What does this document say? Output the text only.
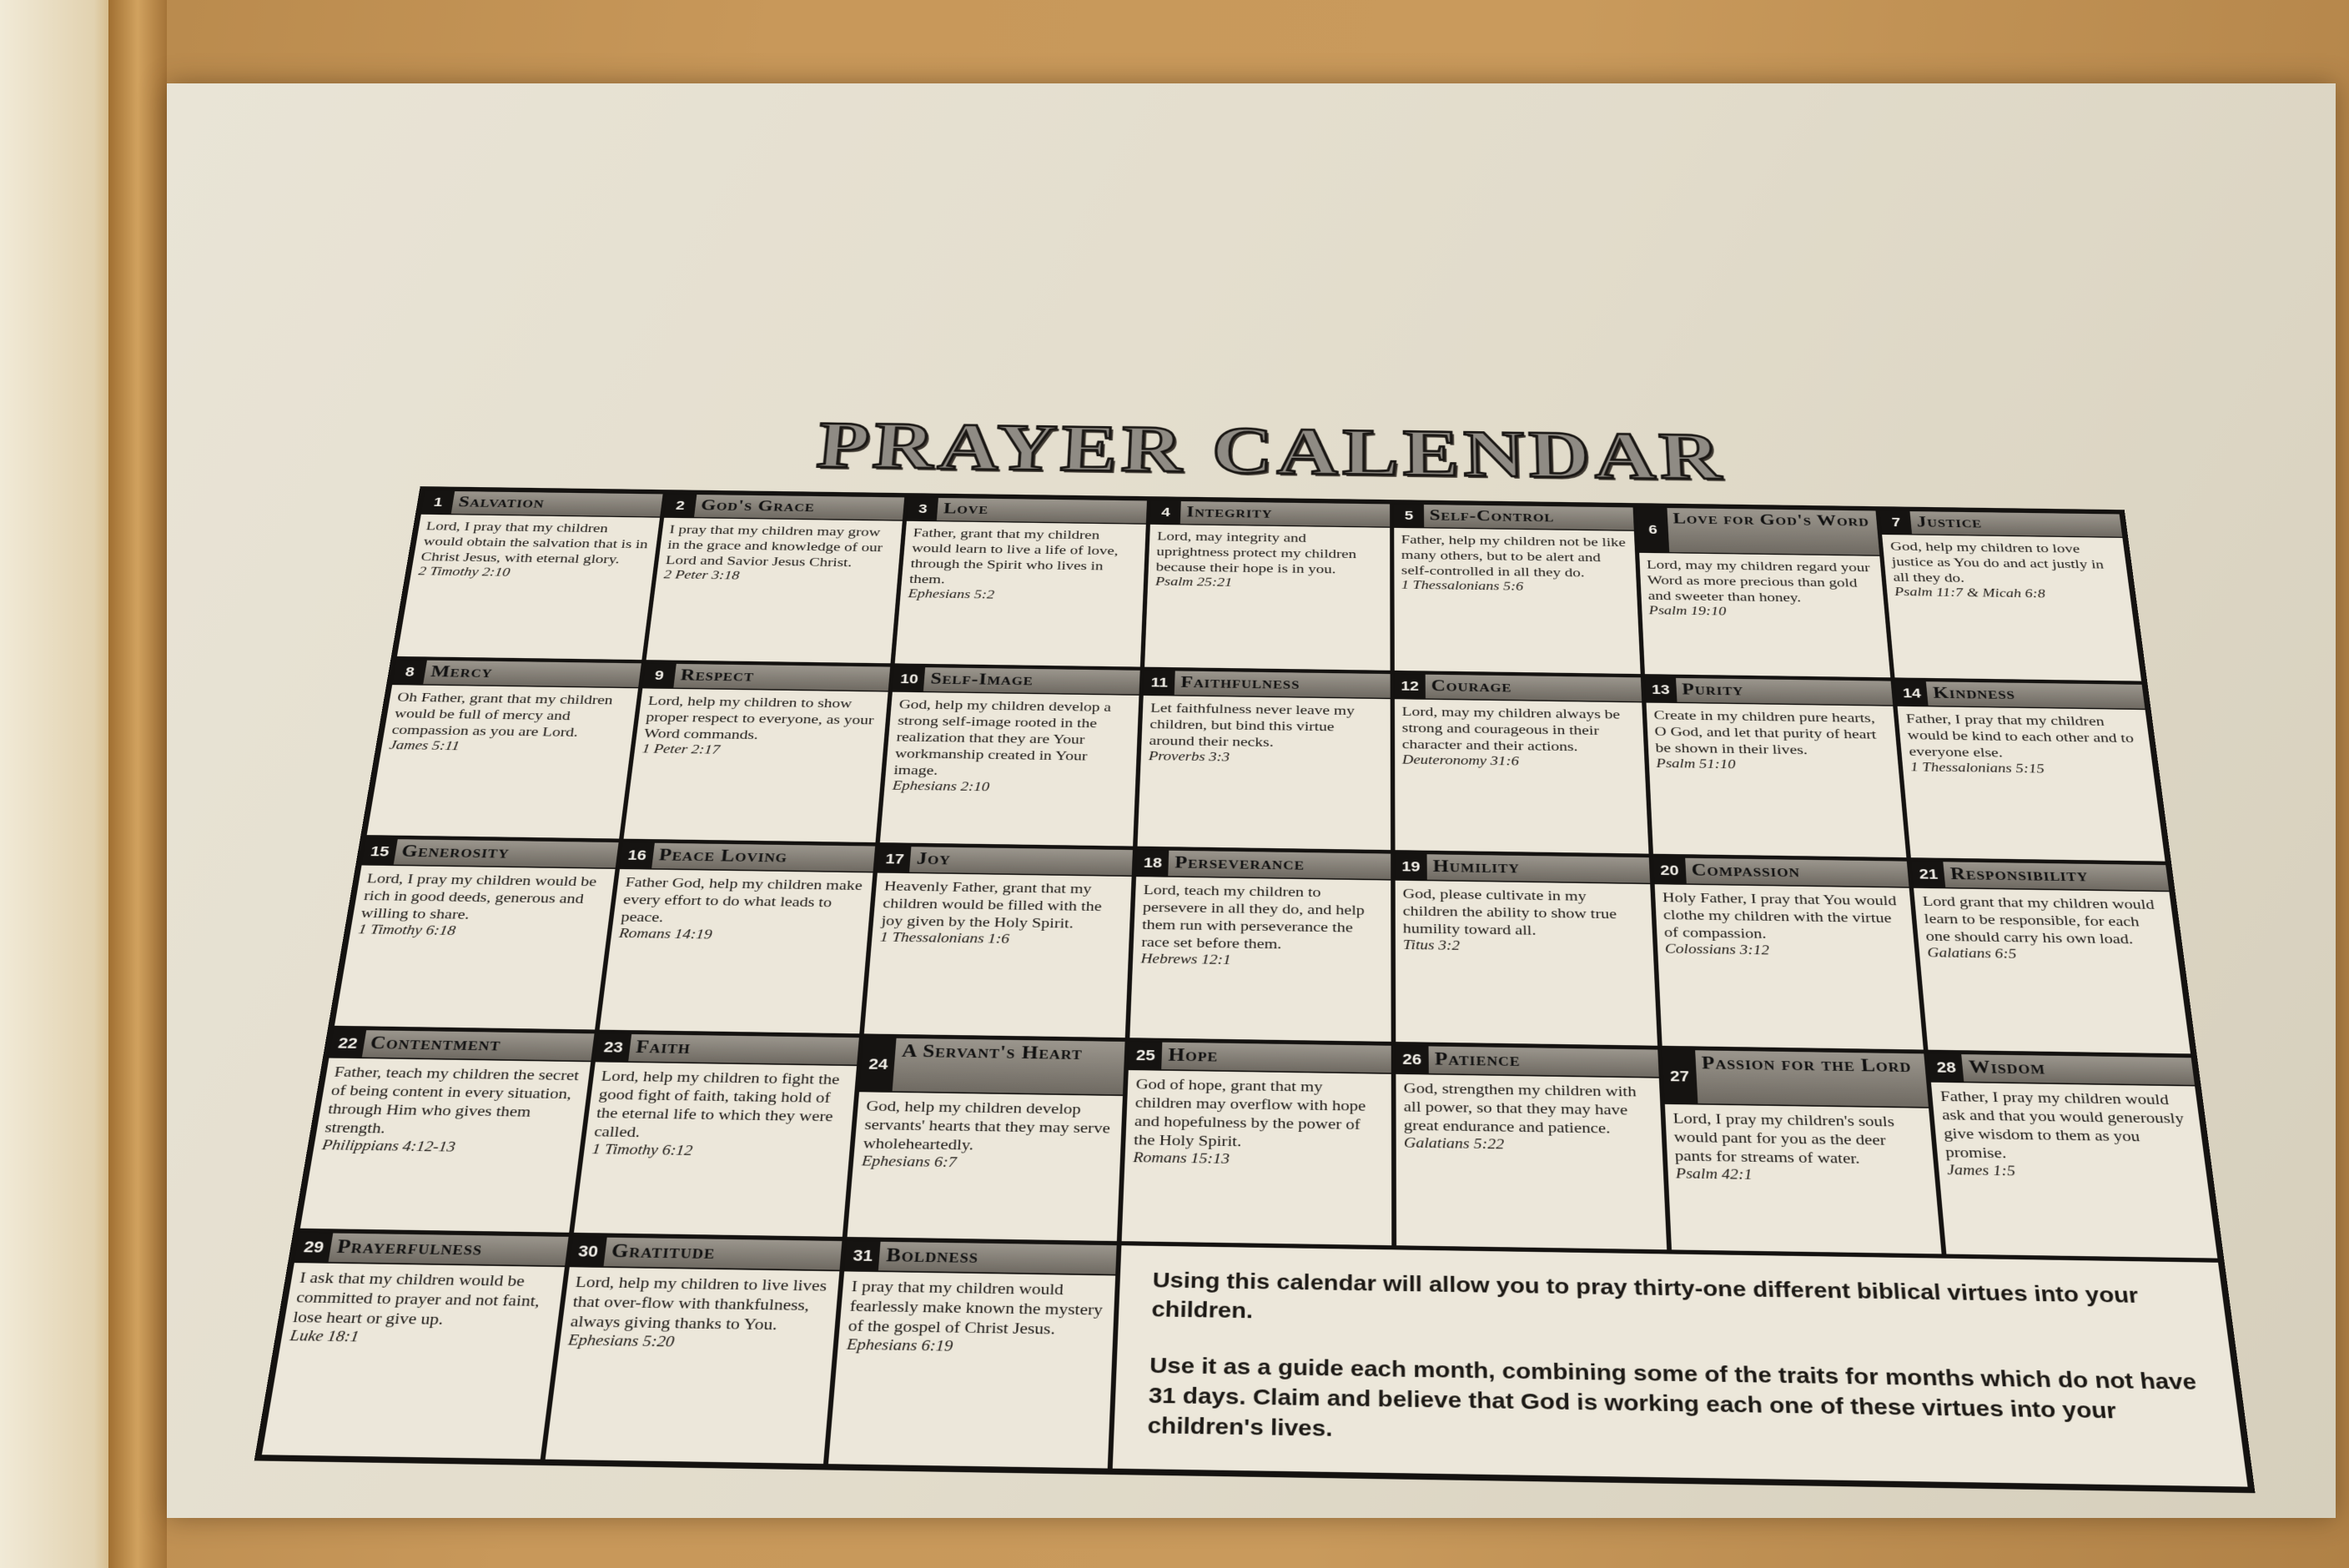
PRAYER CALENDAR
1 Salvation
Lord, I pray that my children would obtain the salvation that is in Christ Jesus, with eternal glory.
2 Timothy 2:10
2 God's Grace
I pray that my children may grow in the grace and knowledge of our Lord and Savior Jesus Christ.
2 Peter 3:18
3 Love
Father, grant that my children would learn to live a life of love, through the Spirit who lives in them.
Ephesians 5:2
4 Integrity
Lord, may integrity and uprightness protect my children because their hope is in you.
Psalm 25:21
5 Self-Control
Father, help my children not be like many others, but to be alert and self-controlled in all they do.
1 Thessalonians 5:6
6
Love for God's Word
Lord, may my children regard your Word as more precious than gold and sweeter than honey.
Psalm 19:10
7 Justice
God, help my children to love justice as You do and act justly in all they do.
Psalm 11:7 & Micah 6:8
8 Mercy
Oh Father, grant that my children would be full of mercy and compassion as you are Lord.
James 5:11
9 Respect
Lord, help my children to show proper respect to everyone, as your Word commands.
1 Peter 2:17
10 Self-Image
God, help my children develop a strong self-image rooted in the realization that they are Your workmanship created in Your image.
Ephesians 2:10
11 Faithfulness
Let faithfulness never leave my children, but bind this virtue around their necks.
Proverbs 3:3
12 Courage
Lord, may my children always be strong and courageous in their character and their actions.
Deuteronomy 31:6
13 Purity
Create in my children pure hearts, O God, and let that purity of heart be shown in their lives.
Psalm 51:10
14 Kindness
Father, I pray that my children would be kind to each other and to everyone else.
1 Thessalonians 5:15
15 Generosity
Lord, I pray my children would be rich in good deeds, generous and willing to share.
1 Timothy 6:18
16 Peace Loving
Father God, help my children make every effort to do what leads to peace.
Romans 14:19
17 Joy
Heavenly Father, grant that my children would be filled with the joy given by the Holy Spirit.
1 Thessalonians 1:6
18 Perseverance
Lord, teach my children to persevere in all they do, and help them run with perseverance the race set before them.
Hebrews 12:1
19 Humility
God, please cultivate in my children the ability to show true humility toward all.
Titus 3:2
20 Compassion
Holy Father, I pray that You would clothe my children with the virtue of compassion.
Colossians 3:12
21 Responsibility
Lord grant that my children would learn to be responsible, for each one should carry his own load.
Galatians 6:5
22 Contentment
Father, teach my children the secret of being content in every situation, through Him who gives them strength.
Philippians 4:12-13
23 Faith
Lord, help my children to fight the good fight of faith, taking hold of the eternal life to which they were called.
1 Timothy 6:12
24
A Servant's Heart
God, help my children develop servants' hearts that they may serve wholeheartedly.
Ephesians 6:7
25 Hope
God of hope, grant that my children may overflow with hope and hopefulness by the power of the Holy Spirit.
Romans 15:13
26 Patience
God, strengthen my children with all power, so that they may have great endurance and patience.
Galatians 5:22
27
Passion for the Lord
Lord, I pray my children's souls would pant for you as the deer pants for streams of water.
Psalm 42:1
28 Wisdom
Father, I pray my children would ask and that you would generously give wisdom to them as you promise.
James 1:5
29 Prayerfulness
I ask that my children would be committed to prayer and not faint, lose heart or give up.
Luke 18:1
30 Gratitude
Lord, help my children to live lives that over-flow with thankfulness, always giving thanks to You.
Ephesians 5:20
31 Boldness
I pray that my children would fearlessly make known the mystery of the gospel of Christ Jesus.
Ephesians 6:19

Using this calendar will allow you to pray thirty-one different biblical virtues into your children.

Use it as a guide each month, combining some of the traits for months which do not have 31 days. Claim and believe that God is working each one of these virtues into your children's lives.
